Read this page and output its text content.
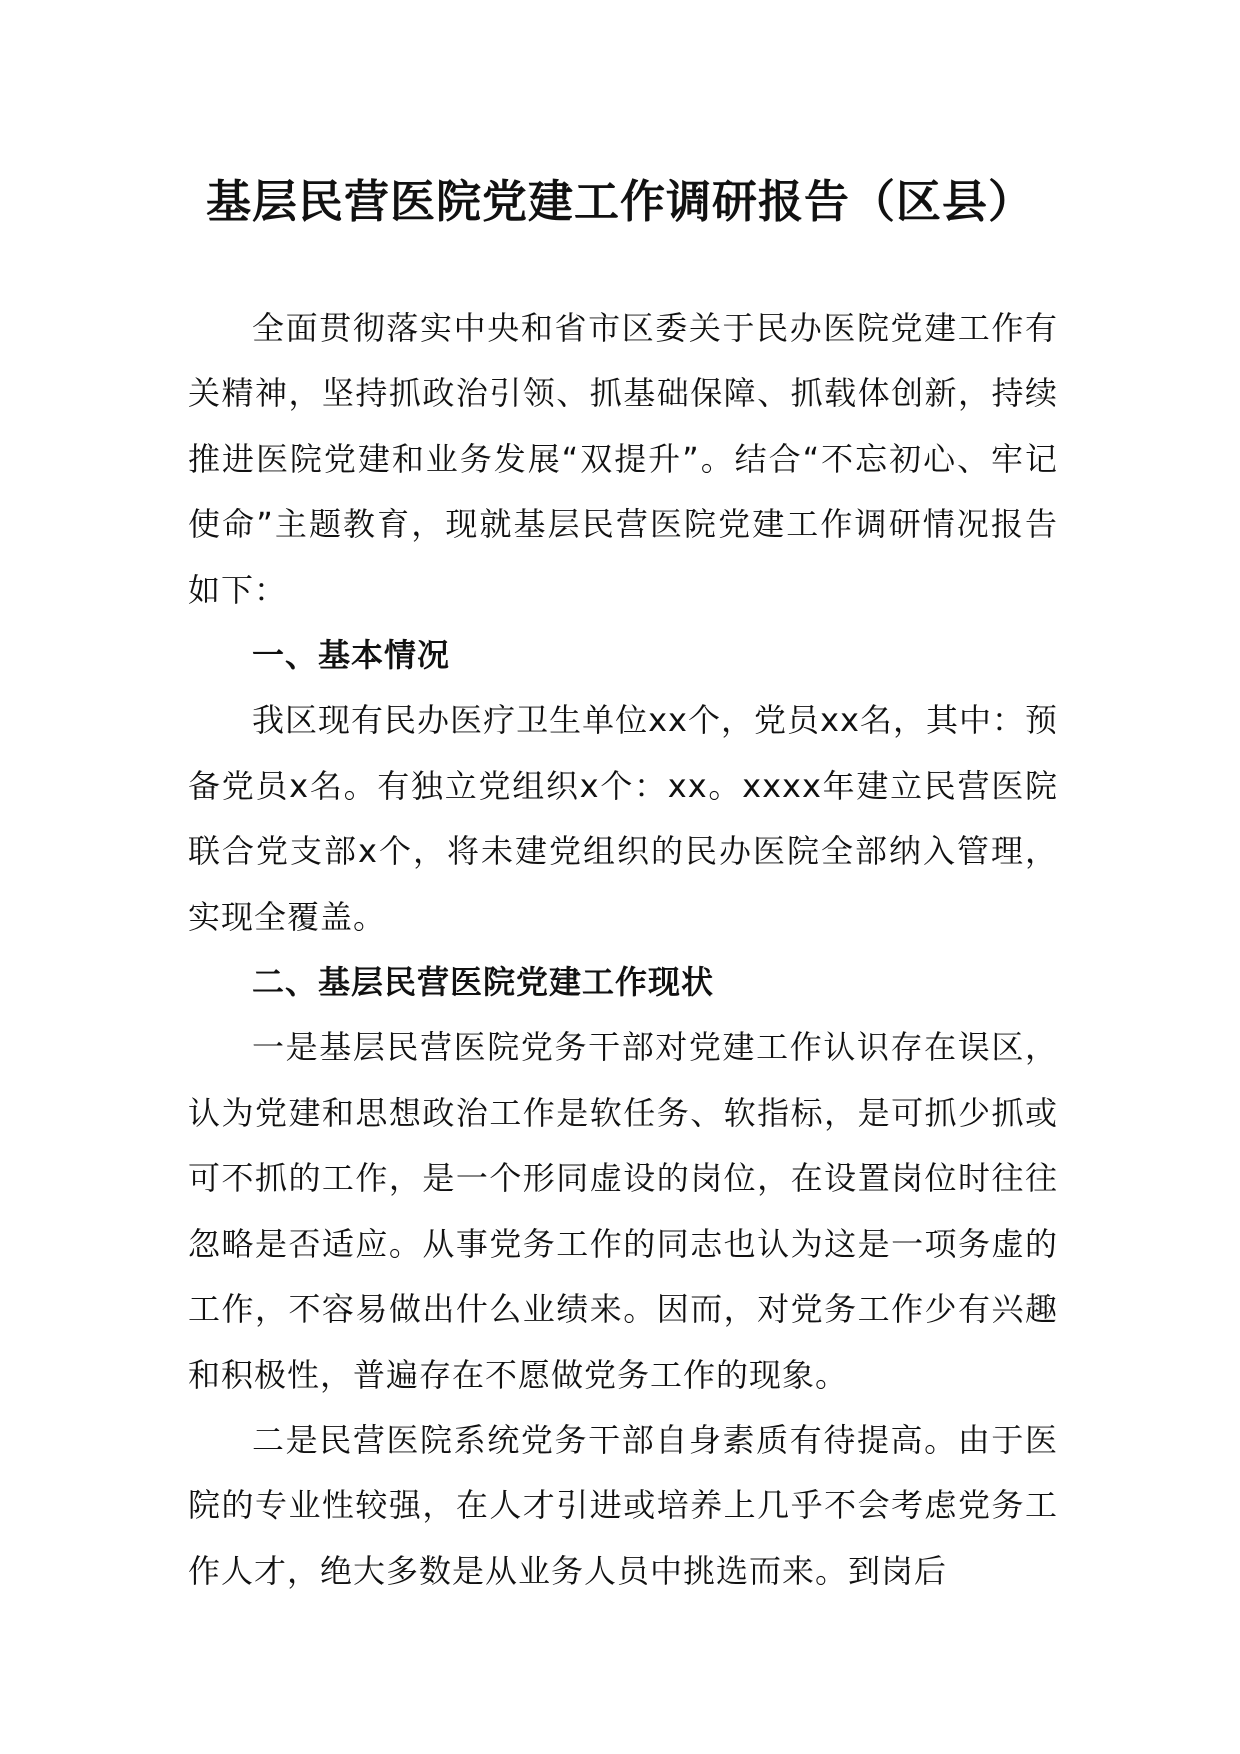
基层民营医院党建工作调研报告（区县）

全面贯彻落实中央和省市区委关于民办医院党建工作有关精神，坚持抓政治引领、抓基础保障、抓载体创新，持续推进医院党建和业务发展“双提升”。结合“不忘初心、牢记使命”主题教育，现就基层民营医院党建工作调研情况报告如下：

一、基本情况

我区现有民办医疗卫生单位xx个，党员xx名，其中：预备党员x名。有独立党组织x个：xx。xxxx年建立民营医院联合党支部x个，将未建党组织的民办医院全部纳入管理，实现全覆盖。

二、基层民营医院党建工作现状

一是基层民营医院党务干部对党建工作认识存在误区，认为党建和思想政治工作是软任务、软指标，是可抓少抓或可不抓的工作，是一个形同虚设的岗位，在设置岗位时往往忽略是否适应。从事党务工作的同志也认为这是一项务虚的工作，不容易做出什么业绩来。因而，对党务工作少有兴趣和积极性，普遍存在不愿做党务工作的现象。

二是民营医院系统党务干部自身素质有待提高。由于医院的专业性较强，在人才引进或培养上几乎不会考虑党务工作人才，绝大多数是从业务人员中挑选而来。到岗后
